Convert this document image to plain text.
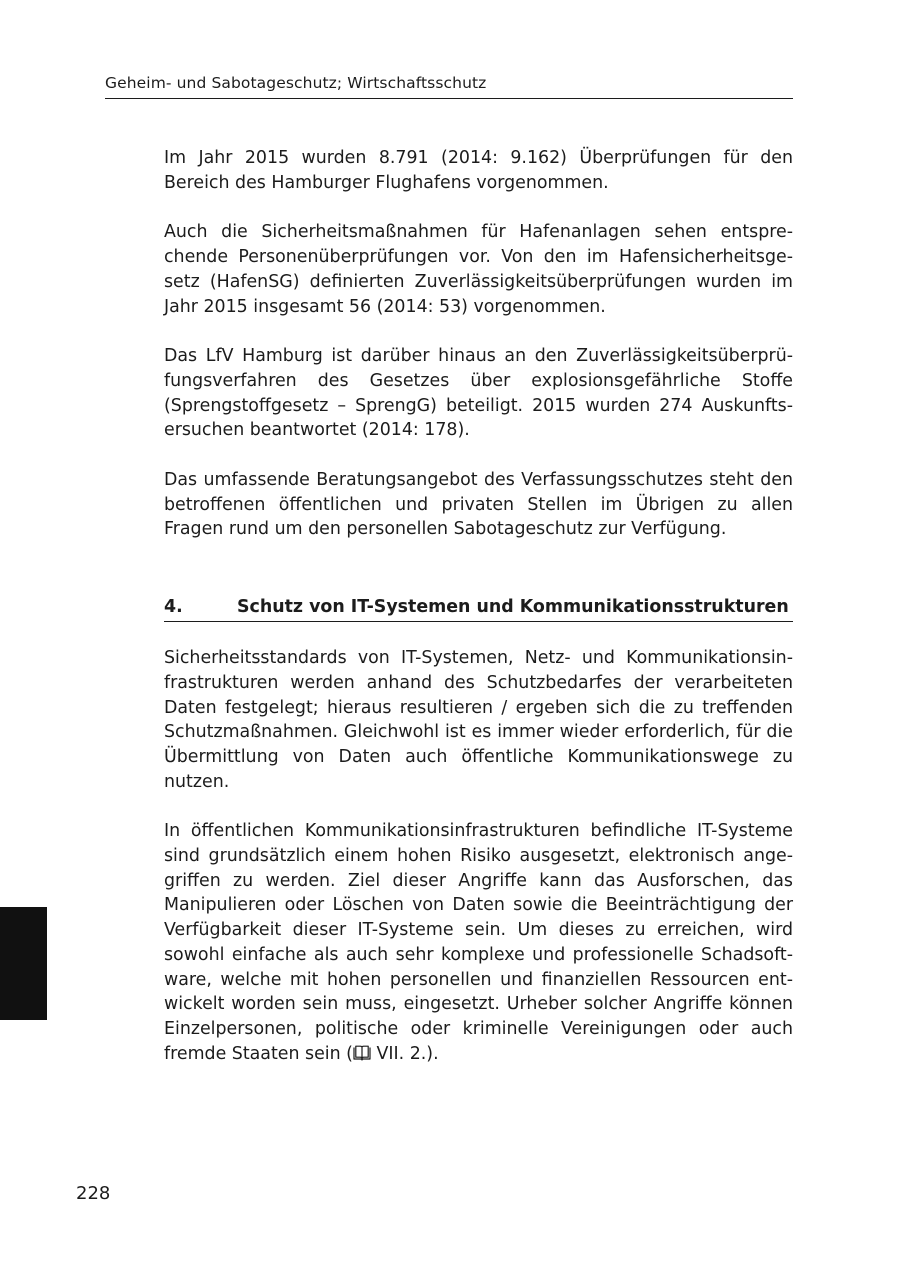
Geheim- und Sabotageschutz; Wirtschaftsschutz

Im Jahr 2015 wurden 8.791 (2014: 9.162) Überprüfungen für den Bereich des Hamburger Flughafens vorgenommen.

Auch die Sicherheitsmaßnahmen für Hafenanlagen sehen entsprechende Personenüberprüfungen vor. Von den im Hafensicherheitsgesetz (HafenSG) definierten Zuverlässigkeitsüberprüfungen wurden im Jahr 2015 insgesamt 56 (2014: 53) vorgenommen.

Das LfV Hamburg ist darüber hinaus an den Zuverlässigkeitsüberprüfungsverfahren des Gesetzes über explosionsgefährliche Stoffe (Sprengstoffgesetz – SprengG) beteiligt. 2015 wurden 274 Auskunftsersuchen beantwortet (2014: 178).

Das umfassende Beratungsangebot des Verfassungsschutzes steht den betroffenen öffentlichen und privaten Stellen im Übrigen zu allen Fragen rund um den personellen Sabotageschutz zur Verfügung.

4.	Schutz von IT-Systemen und Kommunikationsstrukturen

Sicherheitsstandards von IT-Systemen, Netz- und Kommunikationsinfrastrukturen werden anhand des Schutzbedarfes der verarbeiteten Daten festgelegt; hieraus resultieren / ergeben sich die zu treffenden Schutzmaßnahmen. Gleichwohl ist es immer wieder erforderlich, für die Übermittlung von Daten auch öffentliche Kommunikationswege zu nutzen.

In öffentlichen Kommunikationsinfrastrukturen befindliche IT-Systeme sind grundsätzlich einem hohen Risiko ausgesetzt, elektronisch angegriffen zu werden. Ziel dieser Angriffe kann das Ausforschen, das Manipulieren oder Löschen von Daten sowie die Beeinträchtigung der Verfügbarkeit dieser IT-Systeme sein. Um dieses zu erreichen, wird sowohl einfache als auch sehr komplexe und professionelle Schadsoftware, welche mit hohen personellen und finanziellen Ressourcen entwickelt worden sein muss, eingesetzt. Urheber solcher Angriffe können Einzelpersonen, politische oder kriminelle Vereinigungen oder auch fremde Staaten sein ( VII. 2.).

228
